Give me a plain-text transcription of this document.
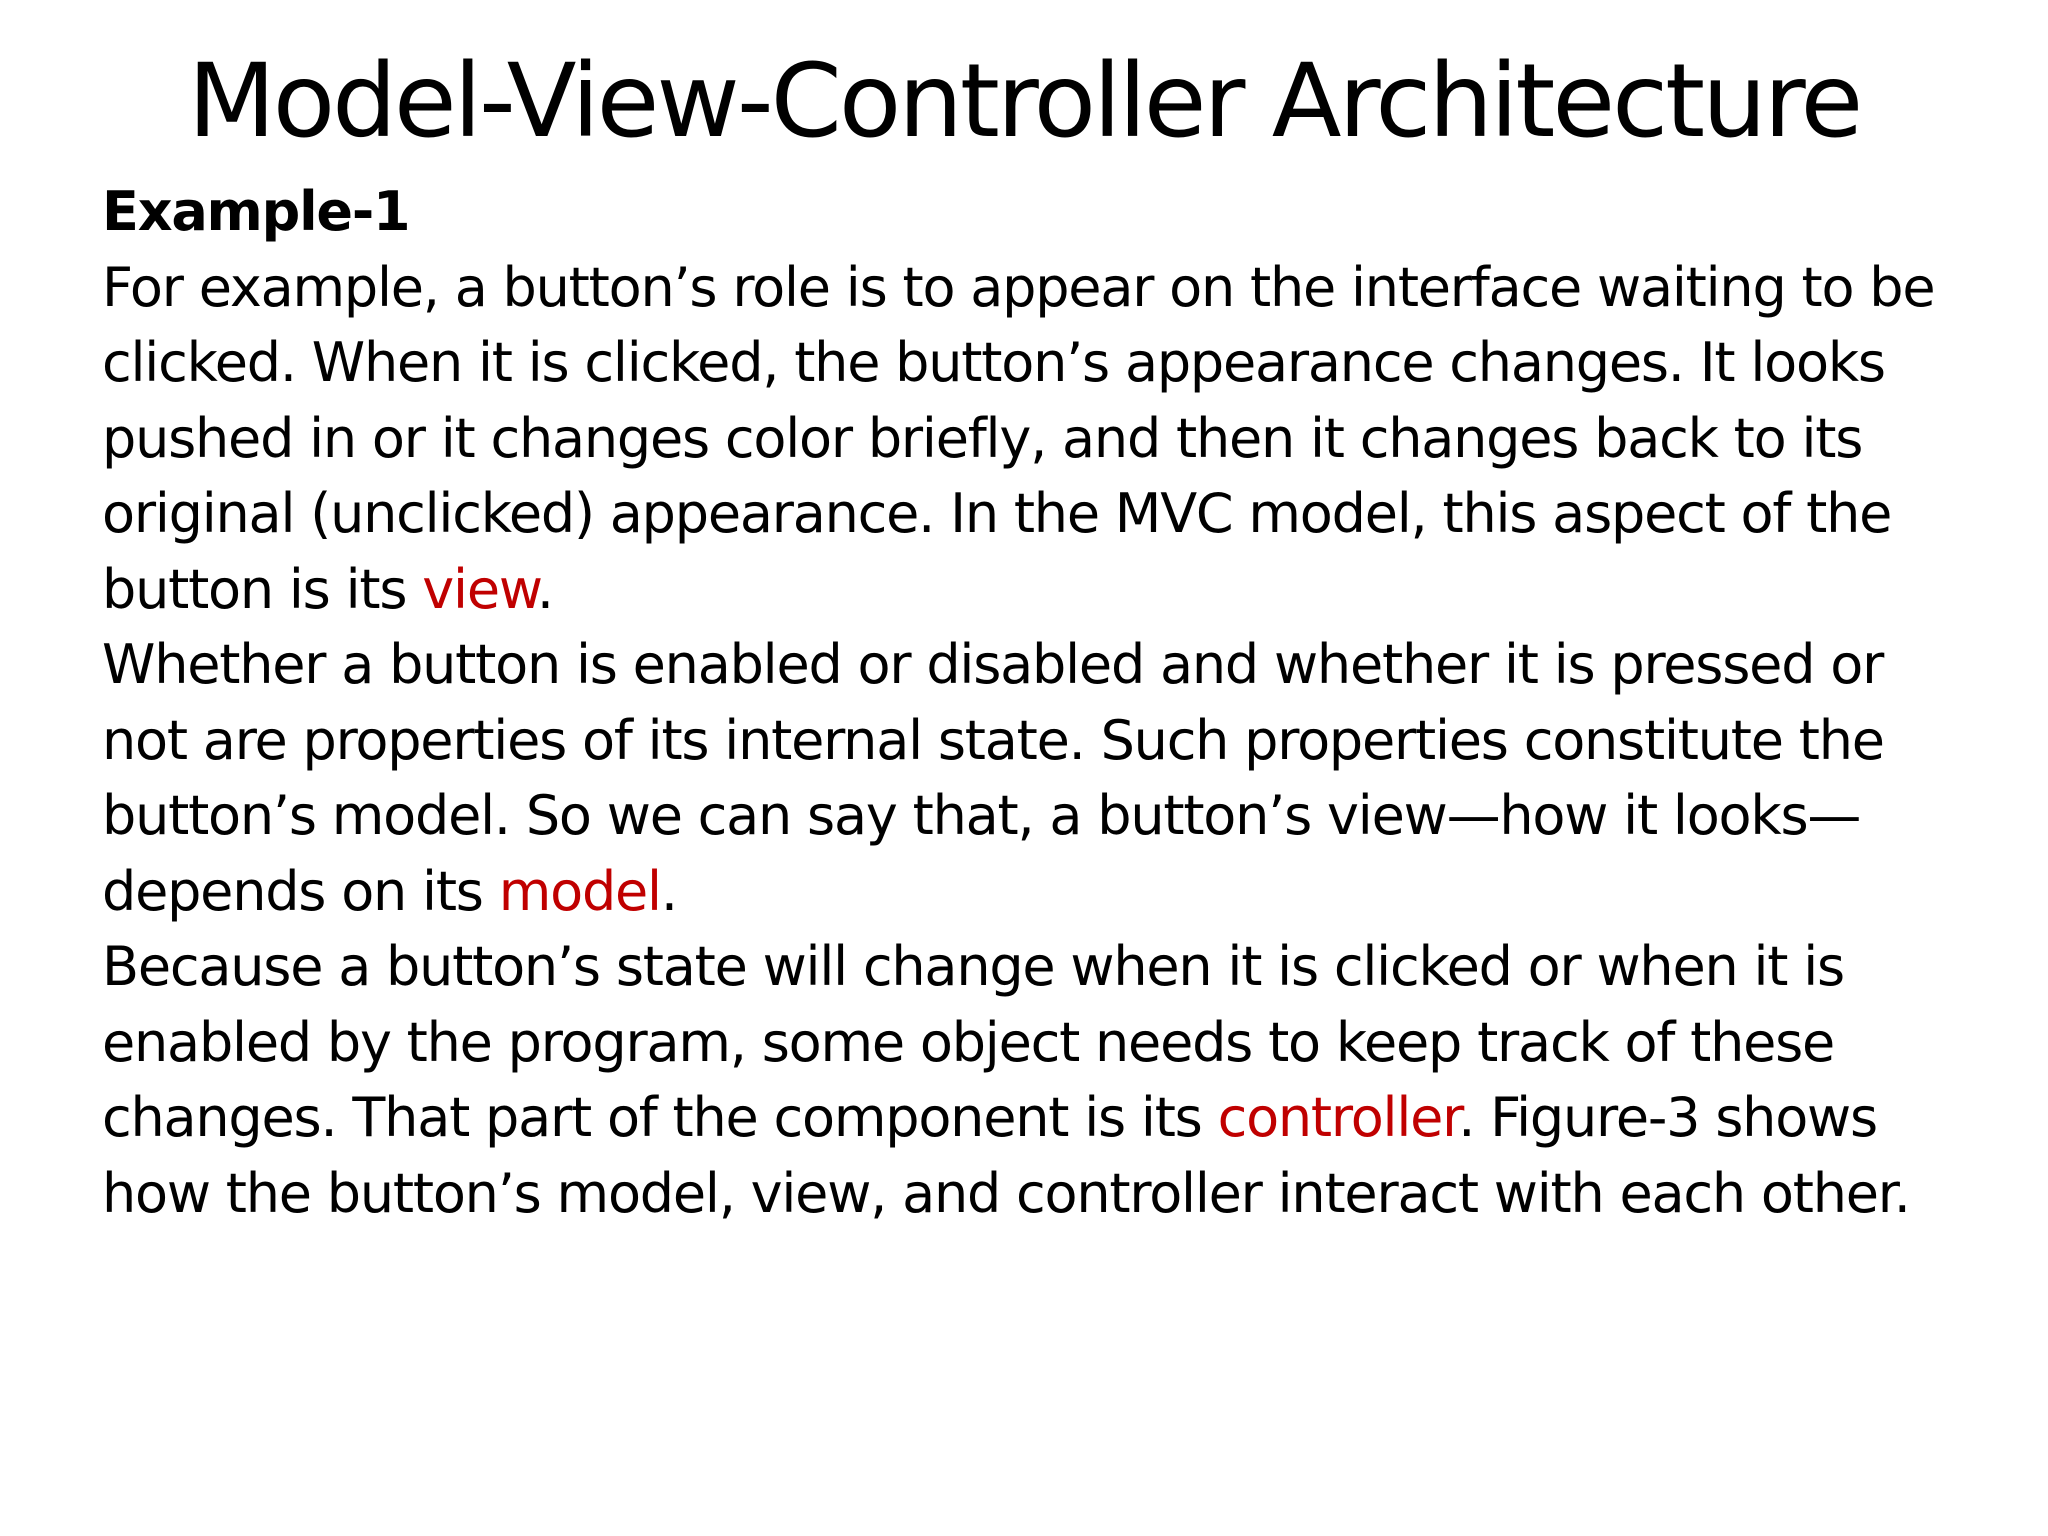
Model-View-Controller Architecture
Example-1
For example, a button’s role is to appear on the interface waiting to be
clicked. When it is clicked, the button’s appearance changes. It looks
pushed in or it changes color briefly, and then it changes back to its
original (unclicked) appearance. In the MVC model, this aspect of the
button is its view.
Whether a button is enabled or disabled and whether it is pressed or
not are properties of its internal state. Such properties constitute the
button’s model. So we can say that, a button’s view—how it looks—
depends on its model.
Because a button’s state will change when it is clicked or when it is
enabled by the program, some object needs to keep track of these
changes. That part of the component is its controller. Figure-3 shows
how the button’s model, view, and controller interact with each other.
